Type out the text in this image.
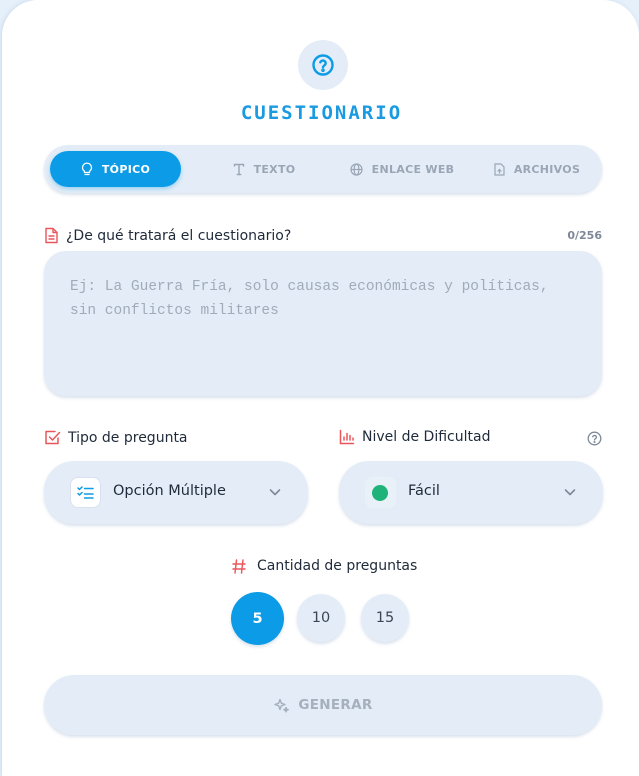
CUESTIONARIO
TÓPICO	TEXTO	ENLACE WEB	ARCHIVOS
¿De qué tratará el cuestionario?	0/256
Ej: La Guerra Fría, solo causas económicas y políticas, sin conflictos militares
Tipo de pregunta	Nivel de Dificultad
Opción Múltiple	Fácil
Cantidad de preguntas
5	10	15
GENERAR
